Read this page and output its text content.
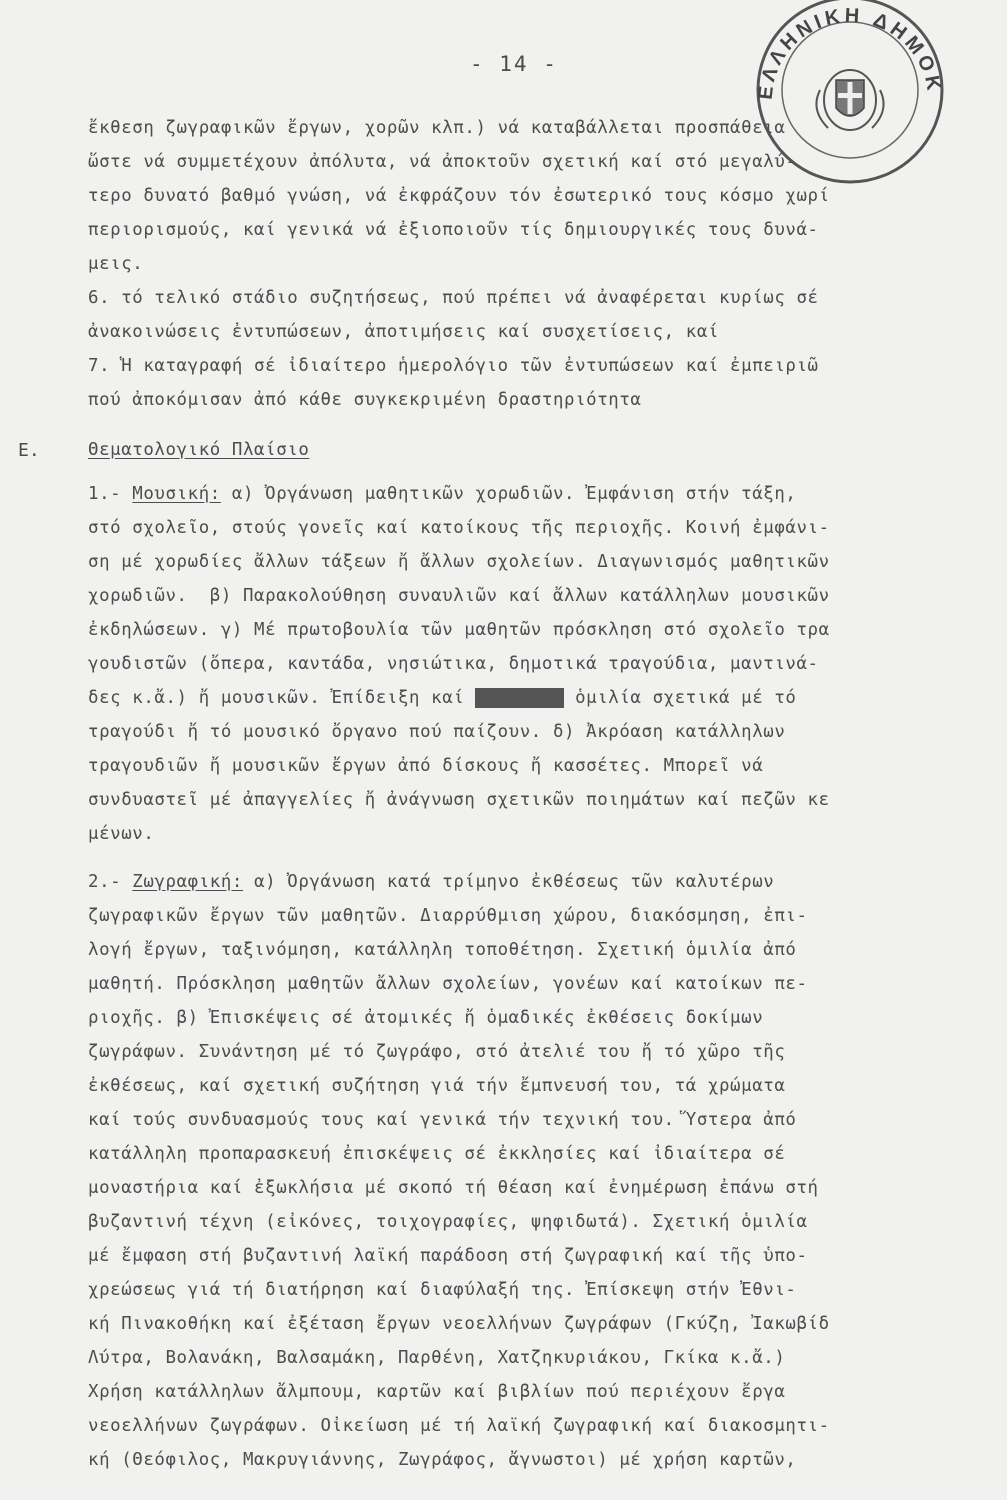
ΕΛΛΗΝΙΚΗ ΔΗΜΟΚ
- 14 -
ἔκθεση ζωγραφικῶν ἔργων, χορῶν κλπ.) νά καταβάλλεται προσπάθεια
ὥστε νά συμμετέχουν ἀπόλυτα, νά ἀποκτοῦν σχετική καί στό μεγαλύ-
τερο δυνατό βαθμό γνώση, νά ἐκφράζουν τόν ἐσωτερικό τους κόσμο χωρί
περιορισμούς, καί γενικά νά ἐξιοποιοῦν τίς δημιουργικές τους δυνά-
μεις.
6. τό τελικό στάδιο συζητήσεως, πού πρέπει νά ἀναφέρεται κυρίως σέ
ἀνακοινώσεις ἐντυπώσεων, ἀποτιμήσεις καί συσχετίσεις, καί
7. Ἡ καταγραφή σέ ἰδιαίτερο ἡμερολόγιο τῶν ἐντυπώσεων καί ἐμπειριῶ
πού ἀποκόμισαν ἀπό κάθε συγκεκριμένη δραστηριότητα
Ε.	Θεματολογικό Πλαίσιο
1.- Μουσική: α) Ὀργάνωση μαθητικῶν χορωδιῶν. Ἐμφάνιση στήν τάξη,
στό σχολεῖο, στούς γονεῖς καί κατοίκους τῆς περιοχῆς. Κοινή ἐμφάνι-
ση μέ χορωδίες ἄλλων τάξεων ἤ ἄλλων σχολείων. Διαγωνισμός μαθητικῶν
χορωδιῶν.  β) Παρακολούθηση συναυλιῶν καί ἄλλων κατάλληλων μουσικῶν
ἐκδηλώσεων. γ) Μέ πρωτοβουλία τῶν μαθητῶν πρόσκληση στό σχολεῖο τρα
γουδιστῶν (ὄπερα, καντάδα, νησιώτικα, δημοτικά τραγούδια, μαντινά-
δες κ.ἄ.) ἤ μουσικῶν. Ἐπίδειξη καί συζήτηση ὁμιλία σχετικά μέ τό
τραγούδι ἤ τό μουσικό ὄργανο πού παίζουν. δ) Ἀκρόαση κατάλληλων
τραγουδιῶν ἤ μουσικῶν ἔργων ἀπό δίσκους ἤ κασσέτες. Μπορεῖ νά
συνδυαστεῖ μέ ἀπαγγελίες ἤ ἀνάγνωση σχετικῶν ποιημάτων καί πεζῶν κε
μένων.
2.- Ζωγραφική: α) Ὀργάνωση κατά τρίμηνο ἐκθέσεως τῶν καλυτέρων
ζωγραφικῶν ἔργων τῶν μαθητῶν. Διαρρύθμιση χώρου, διακόσμηση, ἐπι-
λογή ἔργων, ταξινόμηση, κατάλληλη τοποθέτηση. Σχετική ὁμιλία ἀπό
μαθητή. Πρόσκληση μαθητῶν ἄλλων σχολείων, γονέων καί κατοίκων πε-
ριοχῆς. β) Ἐπισκέψεις σέ ἀτομικές ἤ ὁμαδικές ἐκθέσεις δοκίμων
ζωγράφων. Συνάντηση μέ τό ζωγράφο, στό ἀτελιέ του ἤ τό χῶρο τῆς
ἐκθέσεως, καί σχετική συζήτηση γιά τήν ἔμπνευσή του, τά χρώματα
καί τούς συνδυασμούς τους καί γενικά τήν τεχνική του. Ὕστερα ἀπό
κατάλληλη προπαρασκευή ἐπισκέψεις σέ ἐκκλησίες καί ἰδιαίτερα σέ
μοναστήρια καί ἐξωκλήσια μέ σκοπό τή θέαση καί ἐνημέρωση ἐπάνω στή
βυζαντινή τέχνη (εἰκόνες, τοιχογραφίες, ψηφιδωτά). Σχετική ὁμιλία
μέ ἔμφαση στή βυζαντινή λαϊκή παράδοση στή ζωγραφική καί τῆς ὑπο-
χρεώσεως γιά τή διατήρηση καί διαφύλαξή της. Ἐπίσκεψη στήν Ἐθνι-
κή Πινακοθήκη καί ἐξέταση ἔργων νεοελλήνων ζωγράφων (Γκύζη, Ἰακωβίδ
Λύτρα, Βολανάκη, Βαλσαμάκη, Παρθένη, Χατζηκυριάκου, Γκίκα κ.ἄ.)
Χρήση κατάλληλων ἄλμπουμ, καρτῶν καί βιβλίων πού περιέχουν ἔργα
νεοελλήνων ζωγράφων. Οἰκείωση μέ τή λαϊκή ζωγραφική καί διακοσμητι-
κή (Θεόφιλος, Μακρυγιάννης, Ζωγράφος, ἄγνωστοι) μέ χρήση καρτῶν,
